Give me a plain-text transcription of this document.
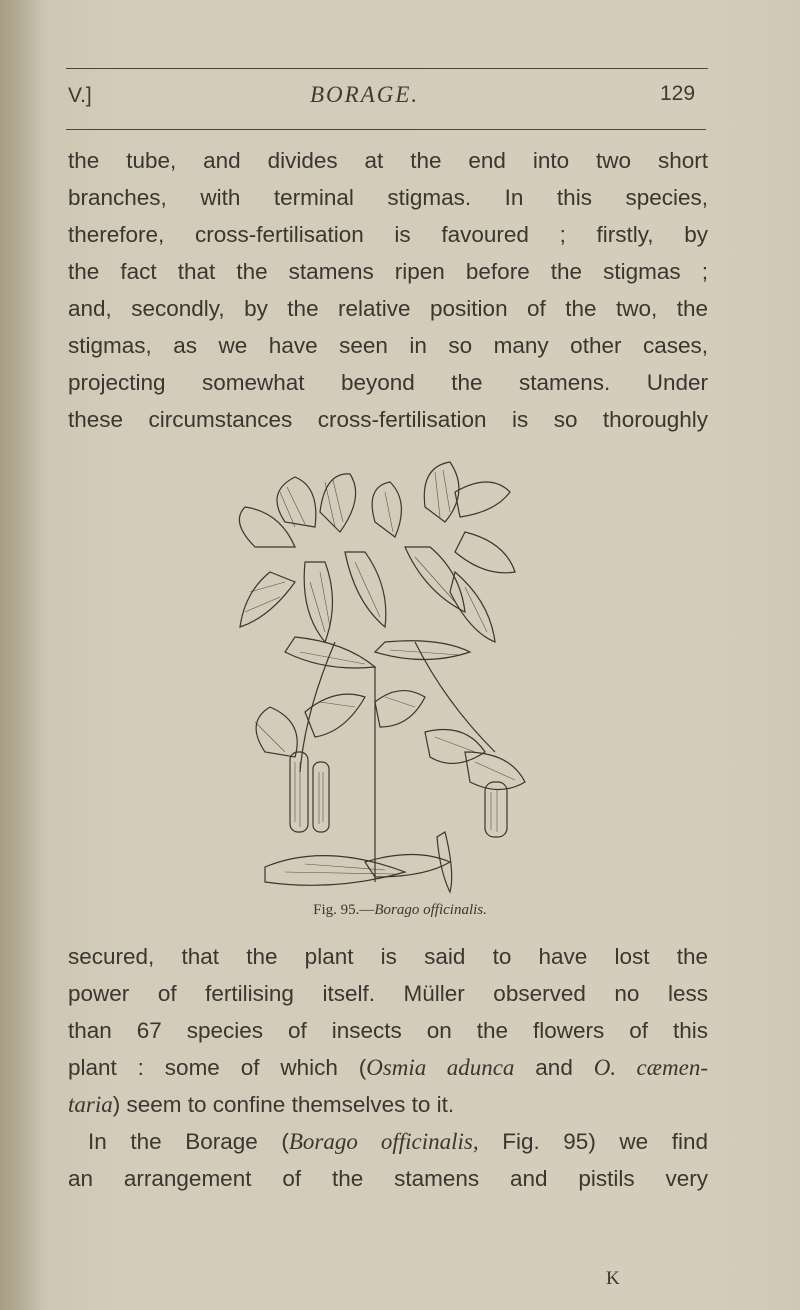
V.]	BORAGE.	129
the tube, and divides at the end into two short
branches, with terminal stigmas. In this species,
therefore, cross-fertilisation is favoured ; firstly, by
the fact that the stamens ripen before the stigmas ;
and, secondly, by the relative position of the two, the
stigmas, as we have seen in so many other cases,
projecting somewhat beyond the stamens. Under
these circumstances cross-fertilisation is so thoroughly
Fig. 95.—Borago officinalis.
secured, that the plant is said to have lost the
power of fertilising itself. Müller observed no less
than 67 species of insects on the flowers of this
plant : some of which (Osmia adunca and O. cæmen-
taria) seem to confine themselves to it.
In the Borage (Borago officinalis, Fig. 95) we find
an arrangement of the stamens and pistils very
K
